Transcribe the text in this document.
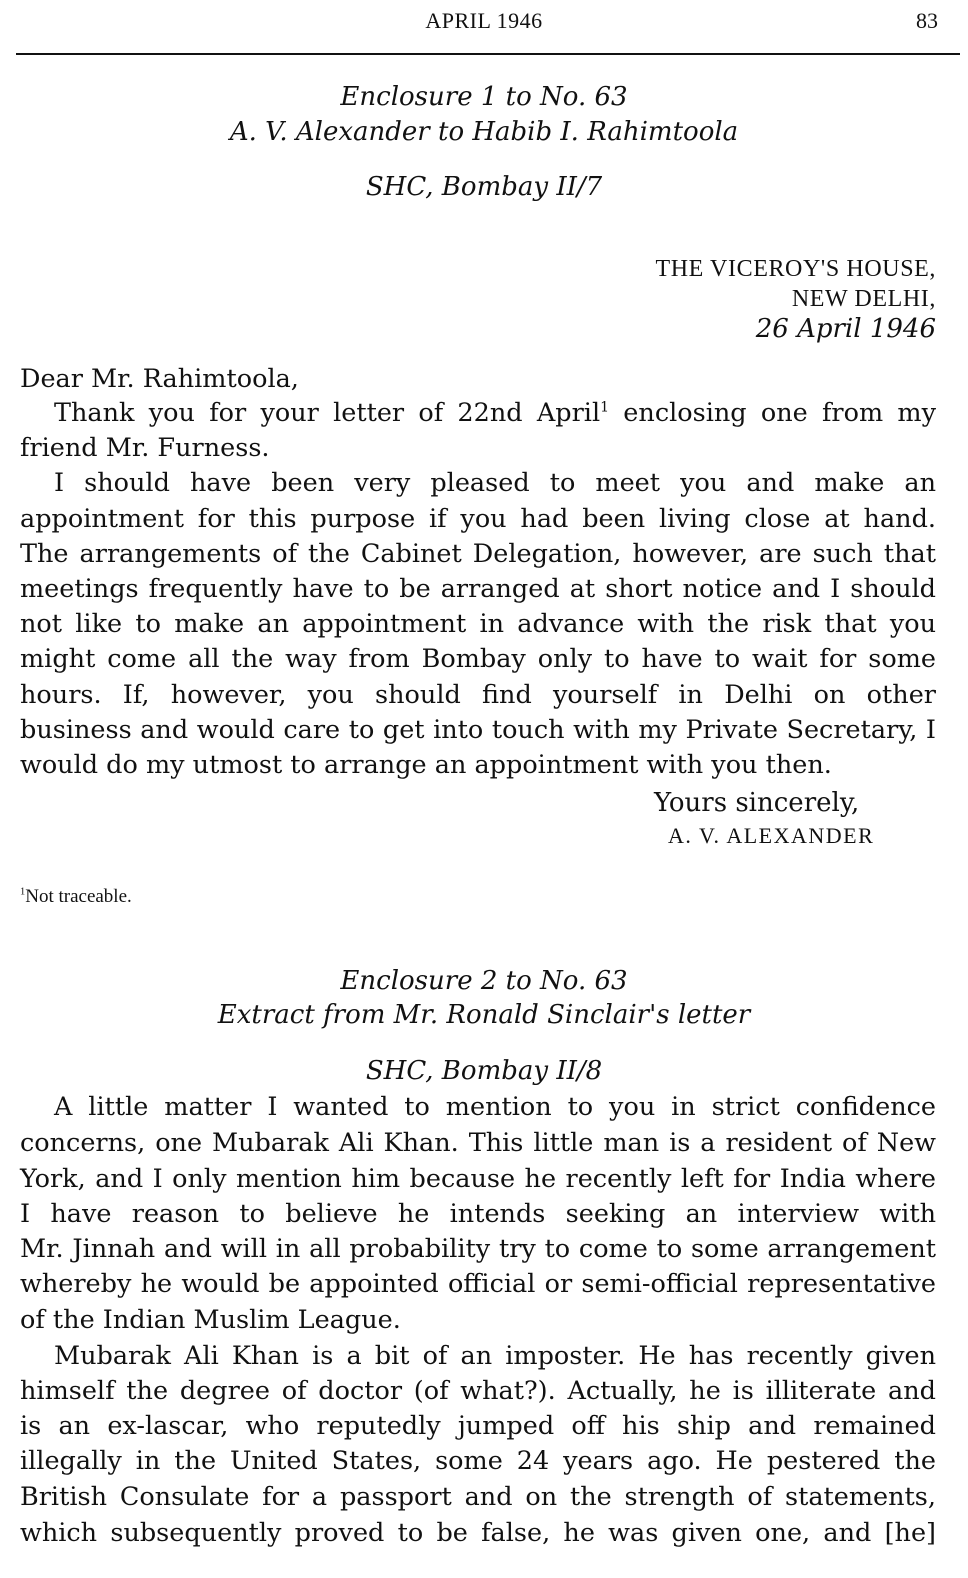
APRIL 1946	83
Enclosure 1 to No. 63
A. V. Alexander to Habib I. Rahimtoola
SHC, Bombay II/7
THE VICEROY'S HOUSE,
NEW DELHI,
26 April 1946
Dear Mr. Rahimtoola,
Thank you for your letter of 22nd April$^1$ enclosing one from my
friend Mr. Furness.
I should have been very pleased to meet you and make an
appointment for this purpose if you had been living close at hand.
The arrangements of the Cabinet Delegation, however, are such that
meetings frequently have to be arranged at short notice and I should
not like to make an appointment in advance with the risk that you
might come all the way from Bombay only to have to wait for some
hours. If, however, you should find yourself in Delhi on other
business and would care to get into touch with my Private Secretary, I
would do my utmost to arrange an appointment with you then.
Yours sincerely,
A. V. ALEXANDER
$^1$Not traceable.
Enclosure 2 to No. 63
Extract from Mr. Ronald Sinclair's letter
SHC, Bombay II/8
A little matter I wanted to mention to you in strict confidence
concerns, one Mubarak Ali Khan. This little man is a resident of New
York, and I only mention him because he recently left for India where
I have reason to believe he intends seeking an interview with
Mr. Jinnah and will in all probability try to come to some arrangement
whereby he would be appointed official or semi-official representative
of the Indian Muslim League.
Mubarak Ali Khan is a bit of an imposter. He has recently given
himself the degree of doctor (of what?). Actually, he is illiterate and
is an ex-lascar, who reputedly jumped off his ship and remained
illegally in the United States, some 24 years ago. He pestered the
British Consulate for a passport and on the strength of statements,
which subsequently proved to be false, he was given one, and [he]
